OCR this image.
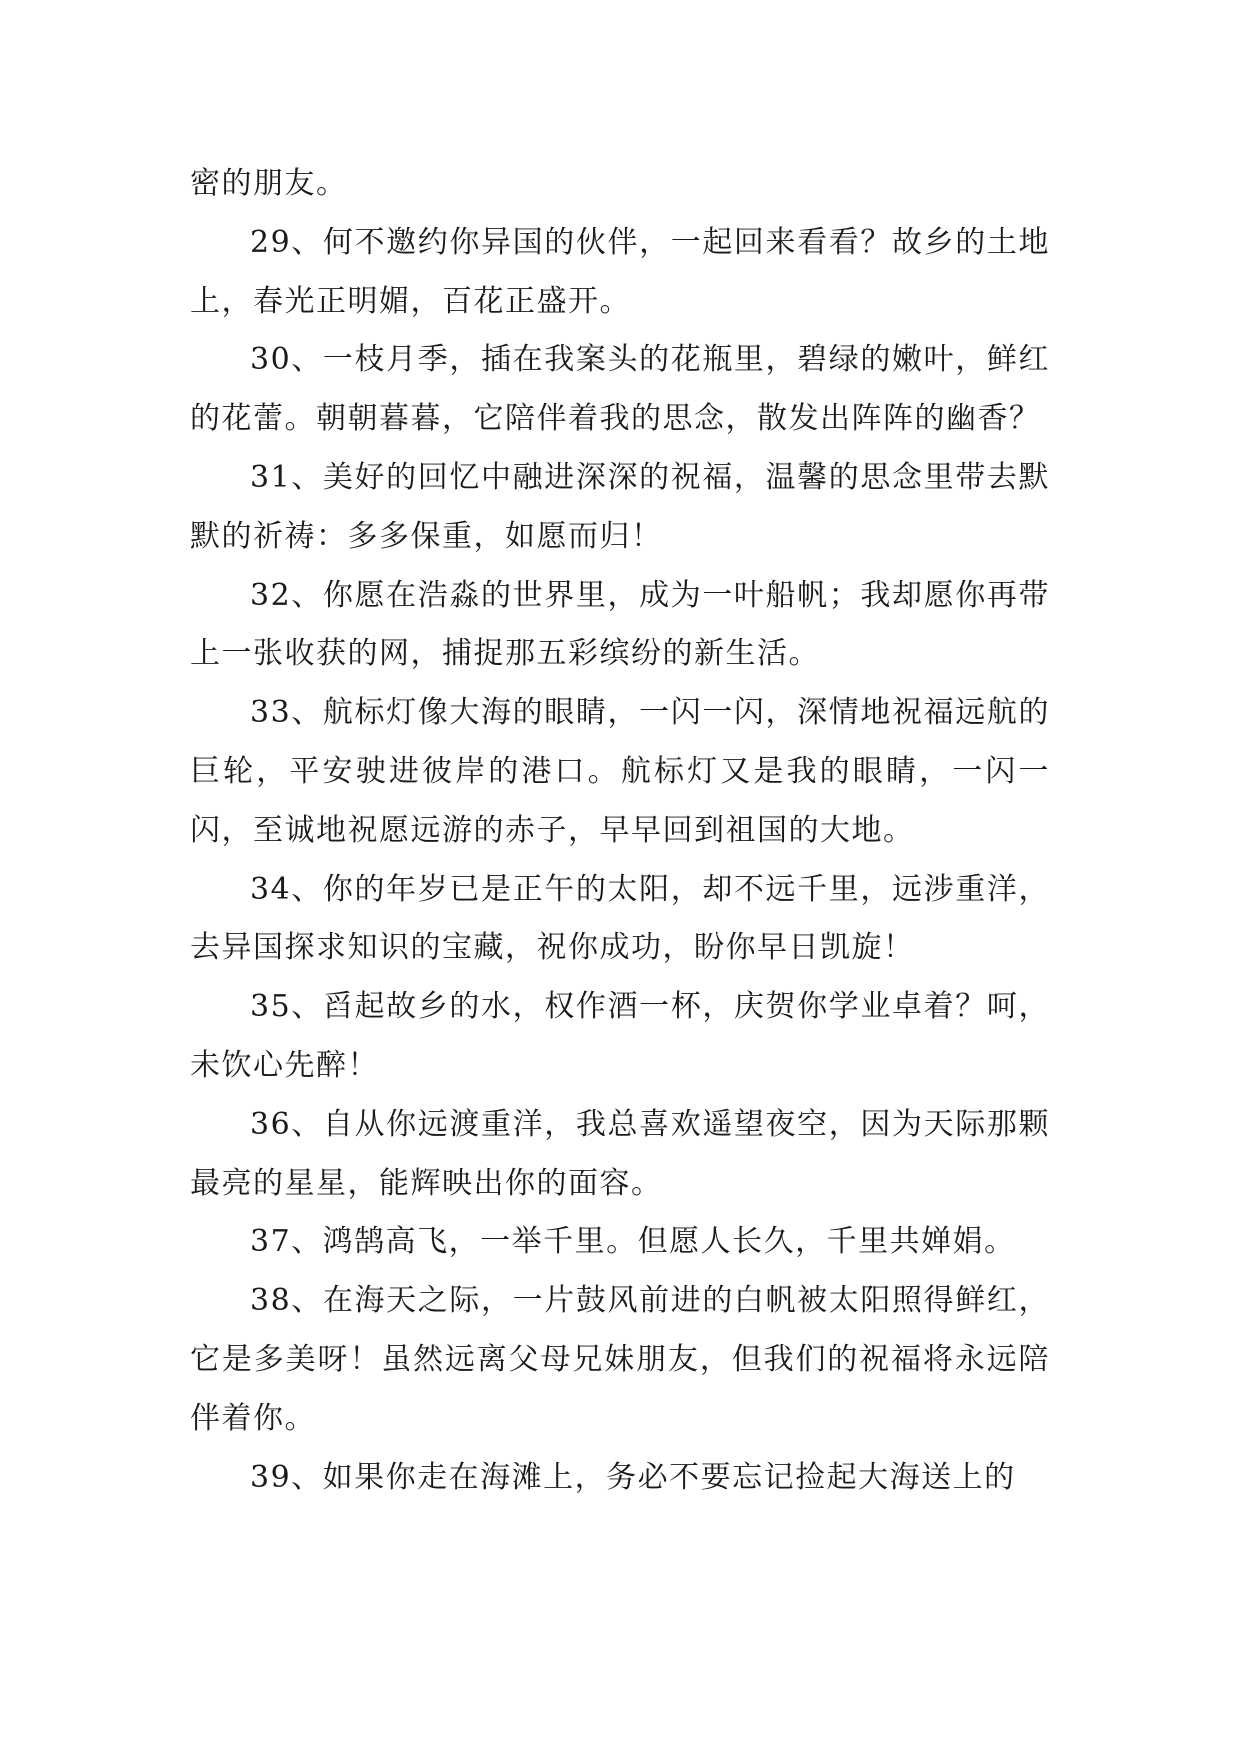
密的朋友。

29、何不邀约你异国的伙伴，一起回来看看？故乡的土地上，春光正明媚，百花正盛开。

30、一枝月季，插在我案头的花瓶里，碧绿的嫩叶，鲜红的花蕾。朝朝暮暮，它陪伴着我的思念，散发出阵阵的幽香？

31、美好的回忆中融进深深的祝福，温馨的思念里带去默默的祈祷：多多保重，如愿而归！

32、你愿在浩淼的世界里，成为一叶船帆；我却愿你再带上一张收获的网，捕捉那五彩缤纷的新生活。

33、航标灯像大海的眼睛，一闪一闪，深情地祝福远航的巨轮，平安驶进彼岸的港口。航标灯又是我的眼睛，一闪一闪，至诚地祝愿远游的赤子，早早回到祖国的大地。

34、你的年岁已是正午的太阳，却不远千里，远涉重洋，去异国探求知识的宝藏，祝你成功，盼你早日凯旋！

35、舀起故乡的水，权作酒一杯，庆贺你学业卓着？呵，未饮心先醉！

36、自从你远渡重洋，我总喜欢遥望夜空，因为天际那颗最亮的星星，能辉映出你的面容。

37、鸿鹄高飞，一举千里。但愿人长久，千里共婵娟。

38、在海天之际，一片鼓风前进的白帆被太阳照得鲜红，它是多美呀！虽然远离父母兄妹朋友，但我们的祝福将永远陪伴着你。

39、如果你走在海滩上，务必不要忘记捡起大海送上的
